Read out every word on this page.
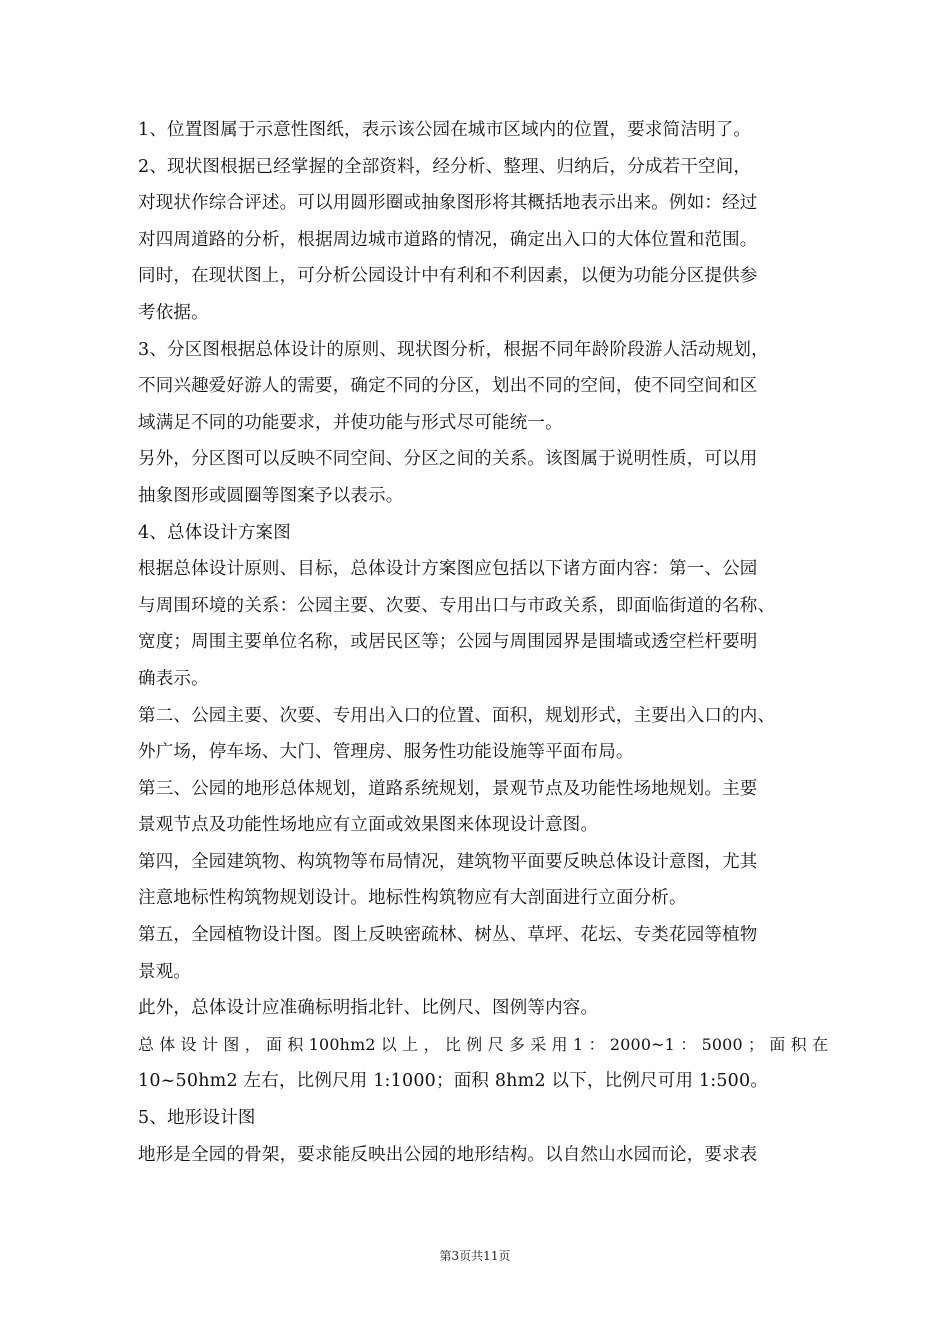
1、位置图属于示意性图纸，表示该公园在城市区域内的位置，要求简洁明了。
2、现状图根据已经掌握的全部资料，经分析、整理、归纳后，分成若干空间，
对现状作综合评述。可以用圆形圈或抽象图形将其概括地表示出来。例如：经过
对四周道路的分析，根据周边城市道路的情况，确定出入口的大体位置和范围。
同时，在现状图上，可分析公园设计中有利和不利因素，以便为功能分区提供参
考依据。
3、分区图根据总体设计的原则、现状图分析，根据不同年龄阶段游人活动规划，
不同兴趣爱好游人的需要，确定不同的分区，划出不同的空间，使不同空间和区
域满足不同的功能要求，并使功能与形式尽可能统一。
另外，分区图可以反映不同空间、分区之间的关系。该图属于说明性质，可以用
抽象图形或圆圈等图案予以表示。
4、总体设计方案图
根据总体设计原则、目标，总体设计方案图应包括以下诸方面内容：第一、公园
与周围环境的关系：公园主要、次要、专用出口与市政关系，即面临街道的名称、
宽度；周围主要单位名称，或居民区等；公园与周围园界是围墙或透空栏杆要明
确表示。
第二、公园主要、次要、专用出入口的位置、面积，规划形式，主要出入口的内、
外广场，停车场、大门、管理房、服务性功能设施等平面布局。
第三、公园的地形总体规划，道路系统规划，景观节点及功能性场地规划。主要
景观节点及功能性场地应有立面或效果图来体现设计意图。
第四，全园建筑物、构筑物等布局情况，建筑物平面要反映总体设计意图，尤其
注意地标性构筑物规划设计。地标性构筑物应有大剖面进行立面分析。
第五，全园植物设计图。图上反映密疏林、树丛、草坪、花坛、专类花园等植物
景观。
此外，总体设计应准确标明指北针、比例尺、图例等内容。
总 体 设 计 图 ， 面 积 100hm2 以 上 ， 比 例 尺 多 采 用 1 ： 2000~1 ： 5000 ； 面 积 在
10~50hm2 左右，比例尺用 1:1000；面积 8hm2 以下，比例尺可用 1:500。
5、地形设计图
地形是全园的骨架，要求能反映出公园的地形结构。以自然山水园而论，要求表
第3页共11页
